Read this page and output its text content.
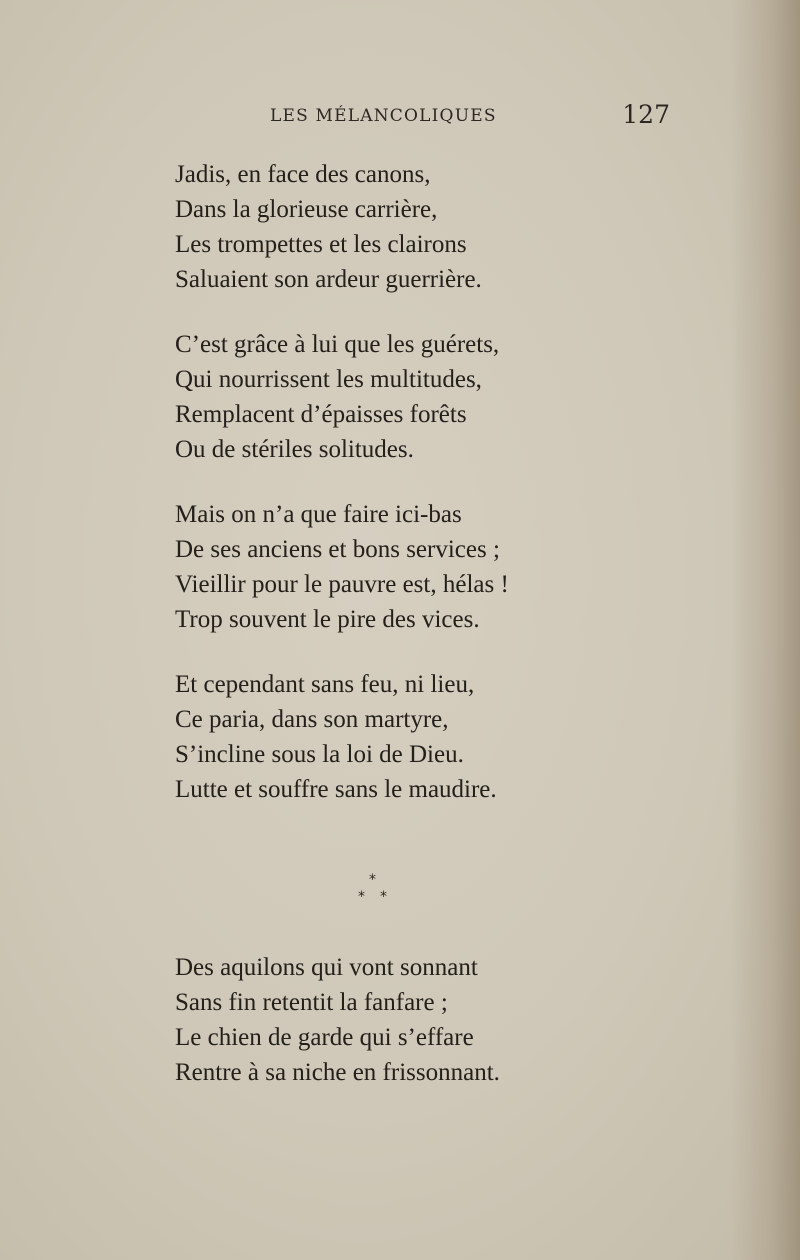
LES MÉLANCOLIQUES	127
Jadis, en face des canons,
Dans la glorieuse carrière,
Les trompettes et les clairons
Saluaient son ardeur guerrière.
C’est grâce à lui que les guérets,
Qui nourrissent les multitudes,
Remplacent d’épaisses forêts
Ou de stériles solitudes.
Mais on n’a que faire ici-bas
De ses anciens et bons services ;
Vieillir pour le pauvre est, hélas !
Trop souvent le pire des vices.
Et cependant sans feu, ni lieu,
Ce paria, dans son martyre,
S’incline sous la loi de Dieu.
Lutte et souffre sans le maudire.
*
* *
Des aquilons qui vont sonnant
Sans fin retentit la fanfare ;
Le chien de garde qui s’effare
Rentre à sa niche en frissonnant.
